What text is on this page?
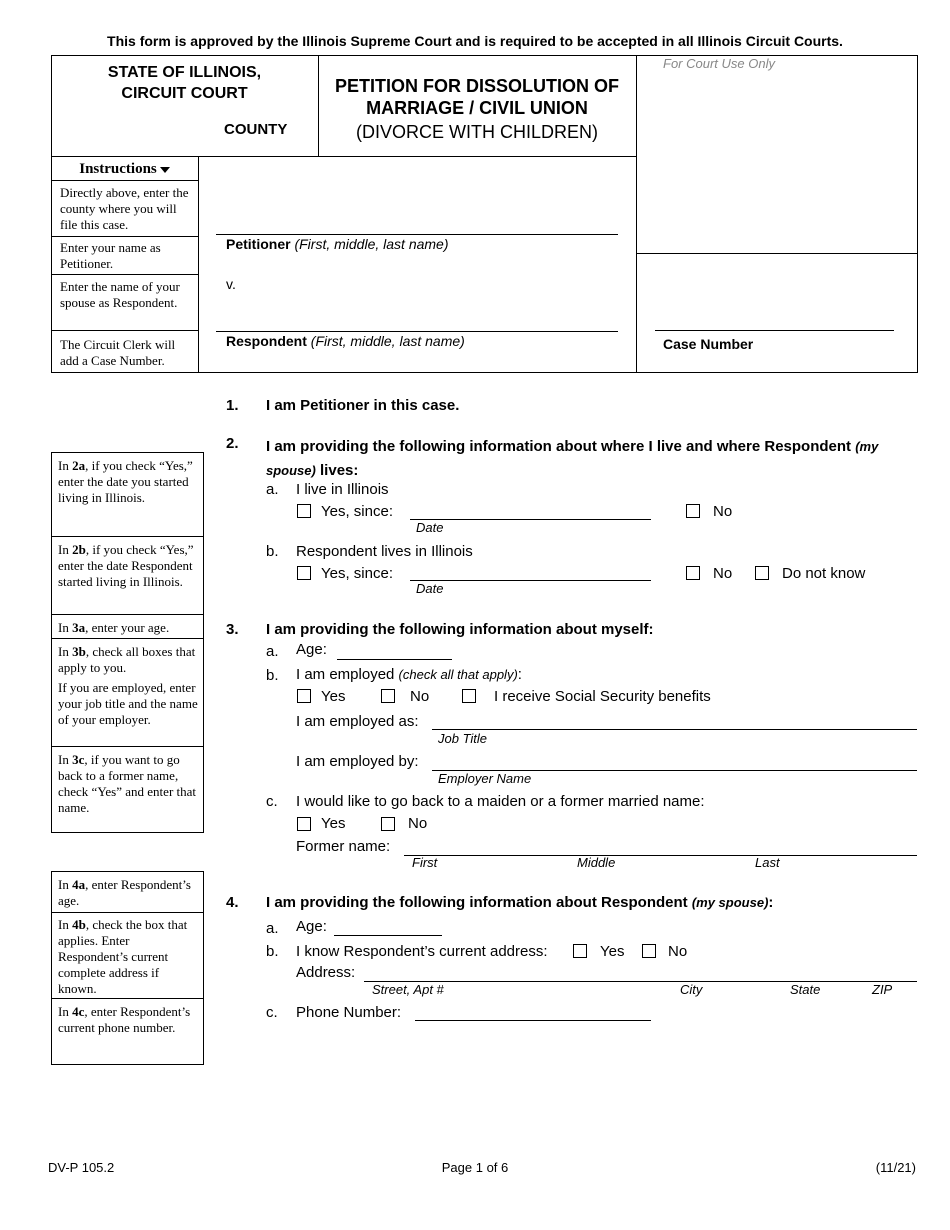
This form is approved by the Illinois Supreme Court and is required to be accepted in all Illinois Circuit Courts.
STATE OF ILLINOIS,
CIRCUIT COURT
COUNTY
PETITION FOR DISSOLUTION OF
MARRIAGE / CIVIL UNION
(DIVORCE WITH CHILDREN)
For Court Use Only
Case Number
Instructions
Directly above, enter the county where you will file this case.
Enter your name as Petitioner.
Enter the name of your spouse as Respondent.
The Circuit Clerk will add a Case Number.
Petitioner (First, middle, last name)
v.
Respondent (First, middle, last name)
In 2a, if you check “Yes,” enter the date you started living in Illinois.
In 2b, if you check “Yes,” enter the date Respondent started living in Illinois.
In 3a, enter your age.
In 3b, check all boxes that apply to you.
If you are employed, enter your job title and the name of your employer.
In 3c, if you want to go back to a former name, check “Yes” and enter that name.
In 4a, enter Respondent’s age.
In 4b, check the box that applies. Enter Respondent’s current complete address if known.
In 4c, enter Respondent’s current phone number.
1. I am Petitioner in this case.
2. I am providing the following information about where I live and where Respondent (my
spouse) lives:
a. I live in Illinois
Yes, since:
Date
No
b. Respondent lives in Illinois
Yes, since:
Date
No	Do not know
3. I am providing the following information about myself:
a. Age:
b. I am employed (check all that apply):
Yes	No	I receive Social Security benefits
I am employed as:
Job Title
I am employed by:
Employer Name
c. I would like to go back to a maiden or a former married name:
Yes	No
Former name:
First	Middle	Last
4. I am providing the following information about Respondent (my spouse):
a. Age:
b. I know Respondent’s current address:	Yes	No
Address:
Street, Apt #	City	State	ZIP
c. Phone Number:
DV-P 105.2	Page 1 of 6	(11/21)
